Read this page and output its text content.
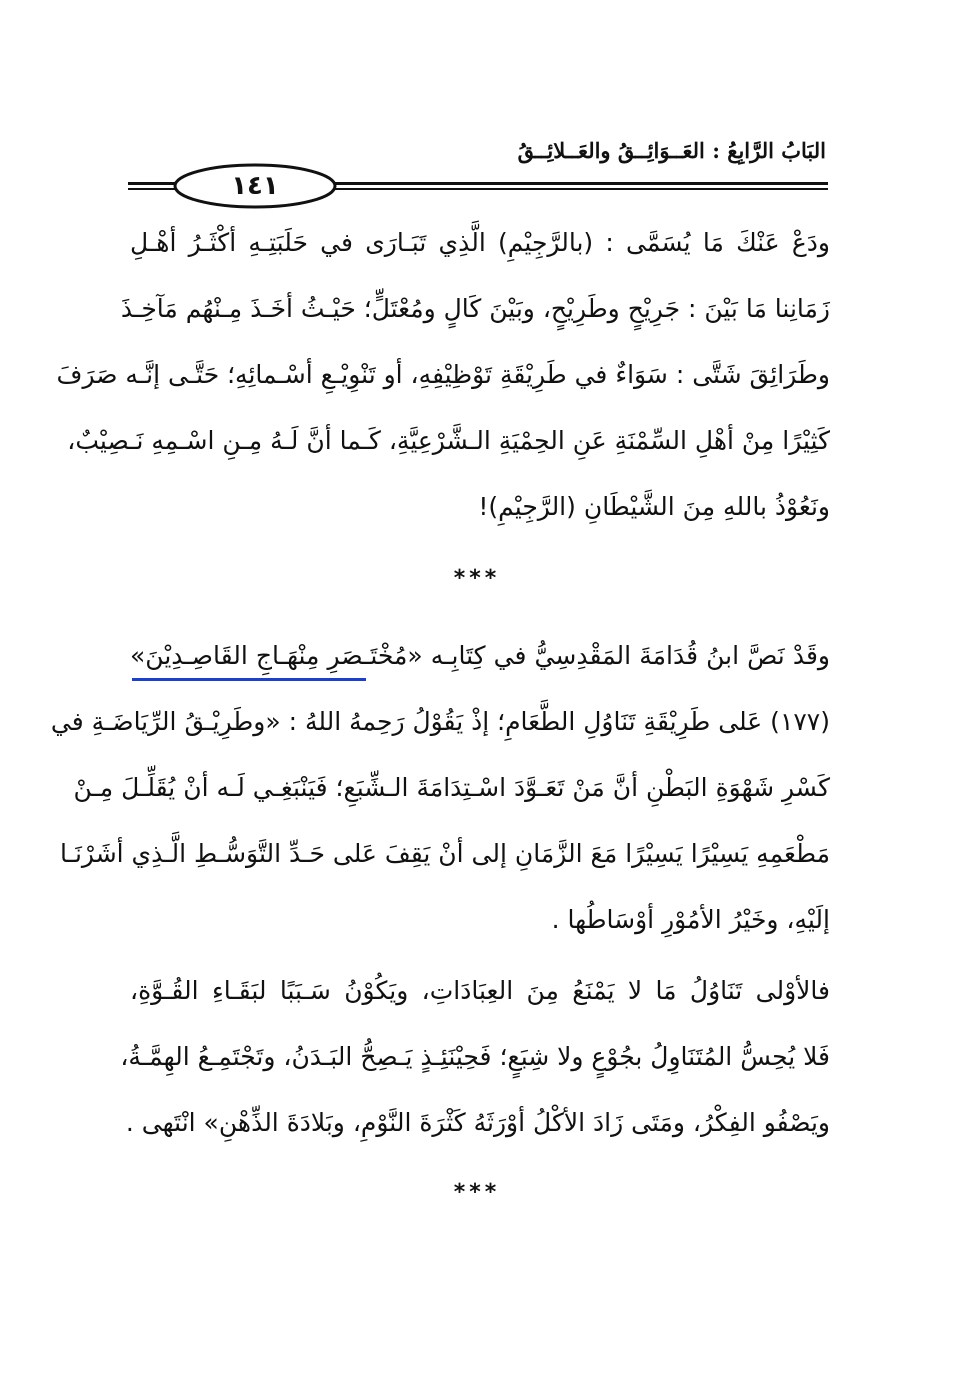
البَابُ الرَّابِعُ : العَــوَائِــقُ والعَــلائِــقُ
١٤١
ودَعْ عَنْكَ مَا يُسَمَّى : (بالرَّجِيْمِ) الَّذِي تَبَـارَى في حَلَبَتِـهِ أكْثَـرُ أهْـلِ
زَمَانِنا مَا بَيْنَ : جَرِيْحٍ وطَرِيْحٍ، وبَيْنَ كَالٍ ومُعْتَلٍّ؛ حَيْـثُ أخَـذَ مِـنْهُم مَآخِـذَ
وطَرَائِقَ شَتَّى : سَوَاءٌ في طَرِيْقَةِ تَوْظِيْفِهِ، أو تَنْوِيْـعِ أسْـمائِهِ؛ حَتَّـى إنَّـه صَرَفَ
كَثِيْرًا مِنْ أهْلِ السِّمْنَةِ عَنِ الحِمْيَةِ الـشَّرْعِيَّةِ، كَـما أنَّ لَـهُ مِـنِ اسْـمِهِ نَـصِيْبٌ،
ونَعُوْذُ باللهِ مِنَ الشَّيْطَانِ (الرَّجِيْمِ)!
***
وقَدْ نَصَّ ابنُ قُدَامَةَ المَقْدِسِيُّ في كِتَابِـه «مُخْتَـصَرِ مِنْهَـاجِ القَاصِـدِيْنَ»
(١٧٧) عَلى طَرِيْقَةِ تَنَاوُلِ الطَّعَامِ؛ إذْ يَقُوْلُ رَحِمهُ اللهُ : «وطَرِيْـقُ الرِّيَاضَـةِ في
كَسْرِ شَهْوَةِ البَطْنِ أنَّ مَنْ تَعَـوَّدَ اسْـتِدَامَةَ الـشِّبَعِ؛ فَيَنْبَغِـي لَـه أنْ يُقَلِّـلَ مِـنْ
مَطْعَمِهِ يَسِيْرًا يَسِيْرًا مَعَ الزَّمَانِ إلى أنْ يَقِفَ عَلى حَـدِّ التَّوَسُّـطِ الَّـذِي أشَرْنَـا
إلَيْهِ، وخَيْرُ الأمُوْرِ أوْسَاطُها .
فالأوْلى تَنَاوُلُ مَا لا يَمْنَعُ مِنَ العِبَادَاتِ، ويَكُوْنُ سَـبَبًا لبَقَـاءِ القُـوَّةِ،
فَلا يُحِسُّ المُتَنَاوِلُ بجُوْعٍ ولا شِبَعٍ؛ فَحِيْنَئِـذٍ يَـصِحُّ البَـدَنُ، وتَجْتَمِـعُ الهِمَّـةُ،
ويَصْفُو الفِكْرُ، ومَتَى زَادَ الأكْلُ أوْرَثَهُ كَثْرَةَ النَّوْمِ، وبَلادَةَ الذِّهْنِ» انْتَهى .
***
